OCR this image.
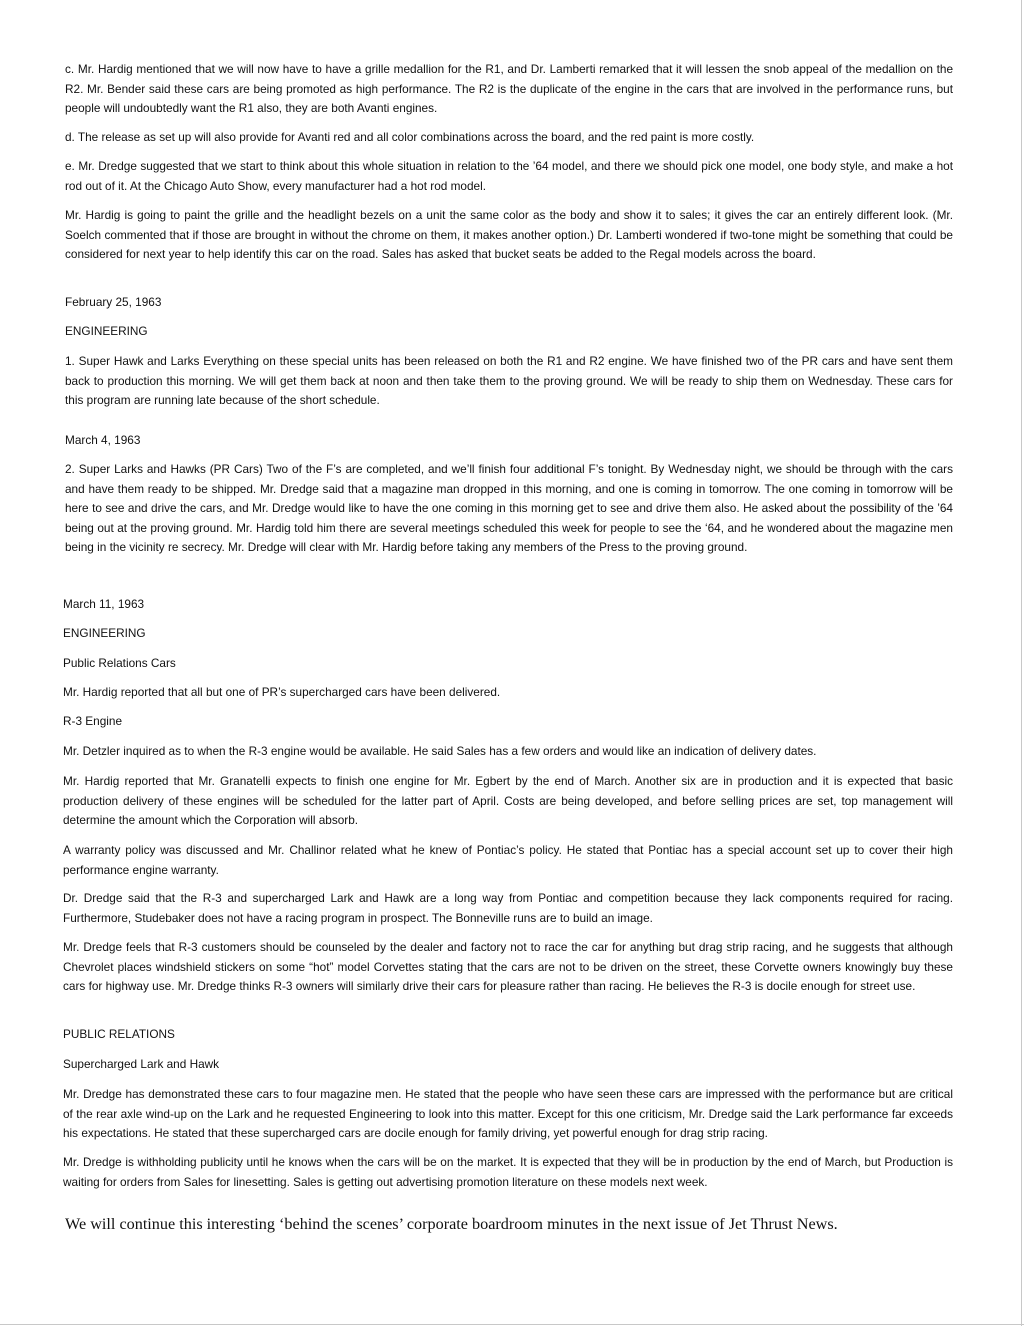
c. Mr. Hardig mentioned that we will now have to have a grille medallion for the R1, and Dr. Lamberti remarked that it will lessen the snob appeal of the medallion on the R2. Mr. Bender said these cars are being promoted as high performance. The R2 is the duplicate of the engine in the cars that are involved in the performance runs, but people will undoubtedly want the R1 also, they are both Avanti engines.

d. The release as set up will also provide for Avanti red and all color combinations across the board, and the red paint is more costly.

e. Mr. Dredge suggested that we start to think about this whole situation in relation to the ’64 model, and there we should pick one model, one body style, and make a hot rod out of it. At the Chicago Auto Show, every manufacturer had a hot rod model.

Mr. Hardig is going to paint the grille and the headlight bezels on a unit the same color as the body and show it to sales; it gives the car an entirely different look. (Mr. Soelch commented that if those are brought in without the chrome on them, it makes another option.) Dr. Lamberti wondered if two-tone might be something that could be considered for next year to help identify this car on the road. Sales has asked that bucket seats be added to the Regal models across the board.

February 25, 1963

ENGINEERING

1. Super Hawk and Larks Everything on these special units has been released on both the R1 and R2 engine. We have finished two of the PR cars and have sent them back to production this morning. We will get them back at noon and then take them to the proving ground. We will be ready to ship them on Wednesday. These cars for this program are running late because of the short schedule.

March 4, 1963

2. Super Larks and Hawks (PR Cars) Two of the F’s are completed, and we’ll finish four additional F’s tonight. By Wednesday night, we should be through with the cars and have them ready to be shipped. Mr. Dredge said that a magazine man dropped in this morning, and one is coming in tomorrow. The one coming in tomorrow will be here to see and drive the cars, and Mr. Dredge would like to have the one coming in this morning get to see and drive them also. He asked about the possibility of the ’64 being out at the proving ground. Mr. Hardig told him there are several meetings scheduled this week for people to see the ‘64, and he wondered about the magazine men being in the vicinity re secrecy. Mr. Dredge will clear with Mr. Hardig before taking any members of the Press to the proving ground.

March 11, 1963

ENGINEERING

Public Relations Cars

Mr. Hardig reported that all but one of PR’s supercharged cars have been delivered.

R-3 Engine

Mr. Detzler inquired as to when the R-3 engine would be available. He said Sales has a few orders and would like an indication of delivery dates.

Mr. Hardig reported that Mr. Granatelli expects to finish one engine for Mr. Egbert by the end of March. Another six are in production and it is expected that basic production delivery of these engines will be scheduled for the latter part of April. Costs are being developed, and before selling prices are set, top management will determine the amount which the Corporation will absorb.

A warranty policy was discussed and Mr. Challinor related what he knew of Pontiac’s policy. He stated that Pontiac has a special account set up to cover their high performance engine warranty.

Dr. Dredge said that the R-3 and supercharged Lark and Hawk are a long way from Pontiac and competition because they lack components required for racing. Furthermore, Studebaker does not have a racing program in prospect. The Bonneville runs are to build an image.

Mr. Dredge feels that R-3 customers should be counseled by the dealer and factory not to race the car for anything but drag strip racing, and he suggests that although Chevrolet places windshield stickers on some “hot” model Corvettes stating that the cars are not to be driven on the street, these Corvette owners knowingly buy these cars for highway use. Mr. Dredge thinks R-3 owners will similarly drive their cars for pleasure rather than racing. He believes the R-3 is docile enough for street use.

PUBLIC RELATIONS

Supercharged Lark and Hawk

Mr. Dredge has demonstrated these cars to four magazine men. He stated that the people who have seen these cars are impressed with the performance but are critical of the rear axle wind-up on the Lark and he requested Engineering to look into this matter. Except for this one criticism, Mr. Dredge said the Lark performance far exceeds his expectations. He stated that these supercharged cars are docile enough for family driving, yet powerful enough for drag strip racing.

Mr. Dredge is withholding publicity until he knows when the cars will be on the market. It is expected that they will be in production by the end of March, but Production is waiting for orders from Sales for linesetting. Sales is getting out advertising promotion literature on these models next week.

We will continue this interesting ‘behind the scenes’ corporate boardroom minutes in the next issue of Jet Thrust News.
